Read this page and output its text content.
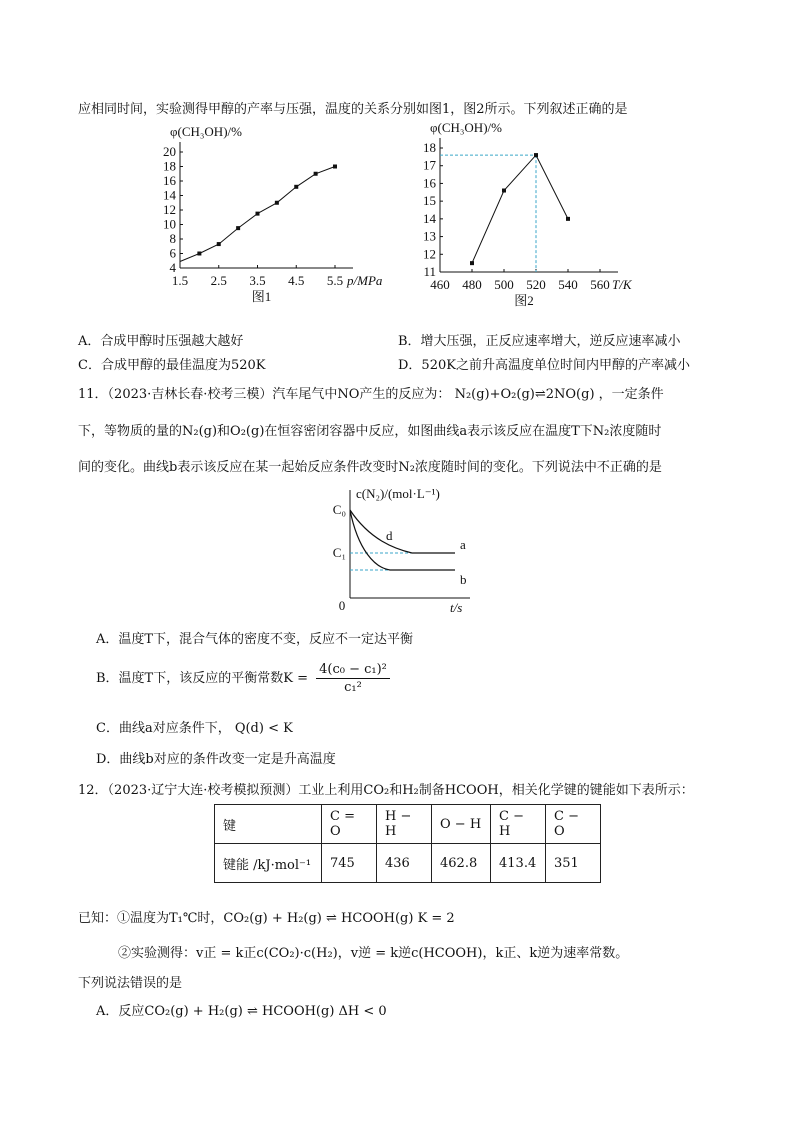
应相同时间，实验测得甲醇的产率与压强，温度的关系分别如图1，图2所示。下列叙述正确的是
4
6
8
10
12
14
16
18
20
1.5 2.5 3.5 4.5 5.5
φ(CH₃OH)/%
p/MPa
图1
11
12
13
14
15
16
17
18
460 480 500 520 540 560
φ(CH₃OH)/%
T/K
图2
A．合成甲醇时压强越大越好	B．增大压强，正反应速率增大，逆反应速率减小
C．合成甲醇的最佳温度为520K	D．520K之前升高温度单位时间内甲醇的产率减小
11．（2023·吉林长春·校考三模）汽车尾气中NO产生的反应为： N₂(g)+O₂(g)⇌2NO(g) ，一定条件
下，等物质的量的N₂(g)和O₂(g)在恒容密闭容器中反应，如图曲线a表示该反应在温度T下N₂浓度随时
间的变化。曲线b表示该反应在某一起始反应条件改变时N₂浓度随时间的变化。下列说法中不正确的是
c(N₂)/(mol·L⁻¹)
t/s
0
C₀
C₁
a
b
d
A．温度T下，混合气体的密度不变，反应不一定达平衡
B．温度T下，该反应的平衡常数$K = \frac{\text{4(c₀ − c₁)²}}{\text{c₁²}}$
C．曲线a对应条件下， Q(d) < K
D．曲线b对应的条件改变一定是升高温度
12．（2023·辽宁大连·校考模拟预测）工业上利用CO₂和H₂制备HCOOH，相关化学键的键能如下表所示：
键	C = O	H − H	O − H	C − H	C − O
键能 /kJ·mol⁻¹	745	436	462.8	413.4	351
已知：①温度为T₁℃时，CO₂(g) + H₂(g) ⇌ HCOOH(g) K = 2
②实验测得：v正 = k正c(CO₂)·c(H₂)，v逆 = k逆c(HCOOH)，k正、k逆为速率常数。
下列说法错误的是
A．反应CO₂(g) + H₂(g) ⇌ HCOOH(g) ΔH < 0
